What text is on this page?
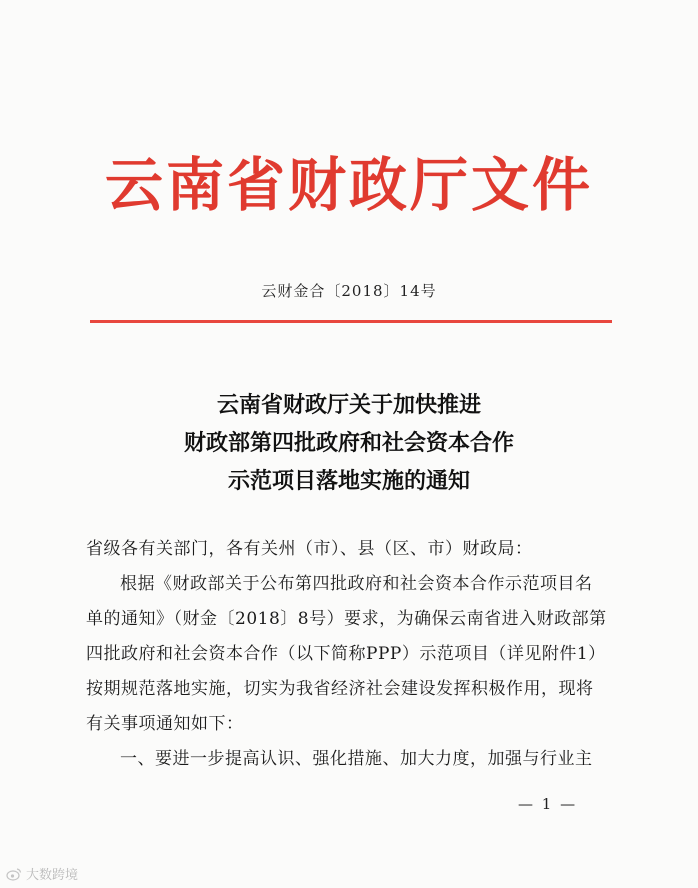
云南省财政厅文件
云财金合〔2018〕14号
云南省财政厅关于加快推进
财政部第四批政府和社会资本合作
示范项目落地实施的通知
省级各有关部门，各有关州（市）、县（区、市）财政局：
根据《财政部关于公布第四批政府和社会资本合作示范项目名
单的通知》（财金〔2018〕8号）要求，为确保云南省进入财政部第
四批政府和社会资本合作（以下简称PPP）示范项目（详见附件1）
按期规范落地实施，切实为我省经济社会建设发挥积极作用，现将
有关事项通知如下：
一、要进一步提高认识、强化措施、加大力度，加强与行业主
— 1 —
大数跨境
